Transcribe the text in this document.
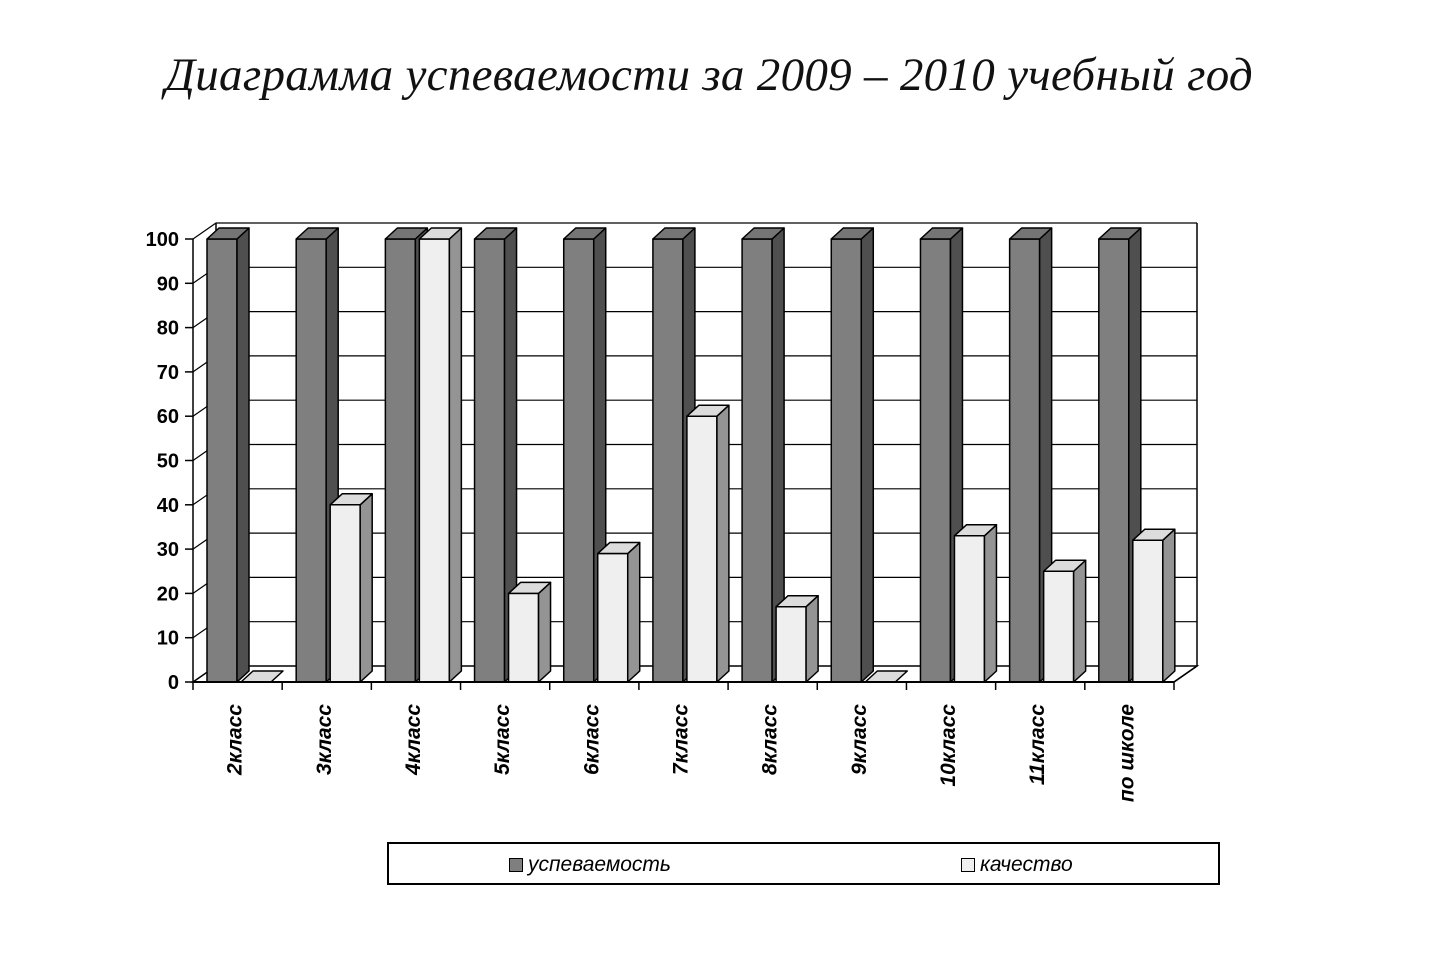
Диаграмма успеваемости за 2009 – 2010 учебный год
0
10
20
30
40
50
60
70
80
90
100
2класс	3класс	4класс	5класс	6класс	7класс	8класс	9класс	10класс	11класс	по школе
успеваемость	качество
